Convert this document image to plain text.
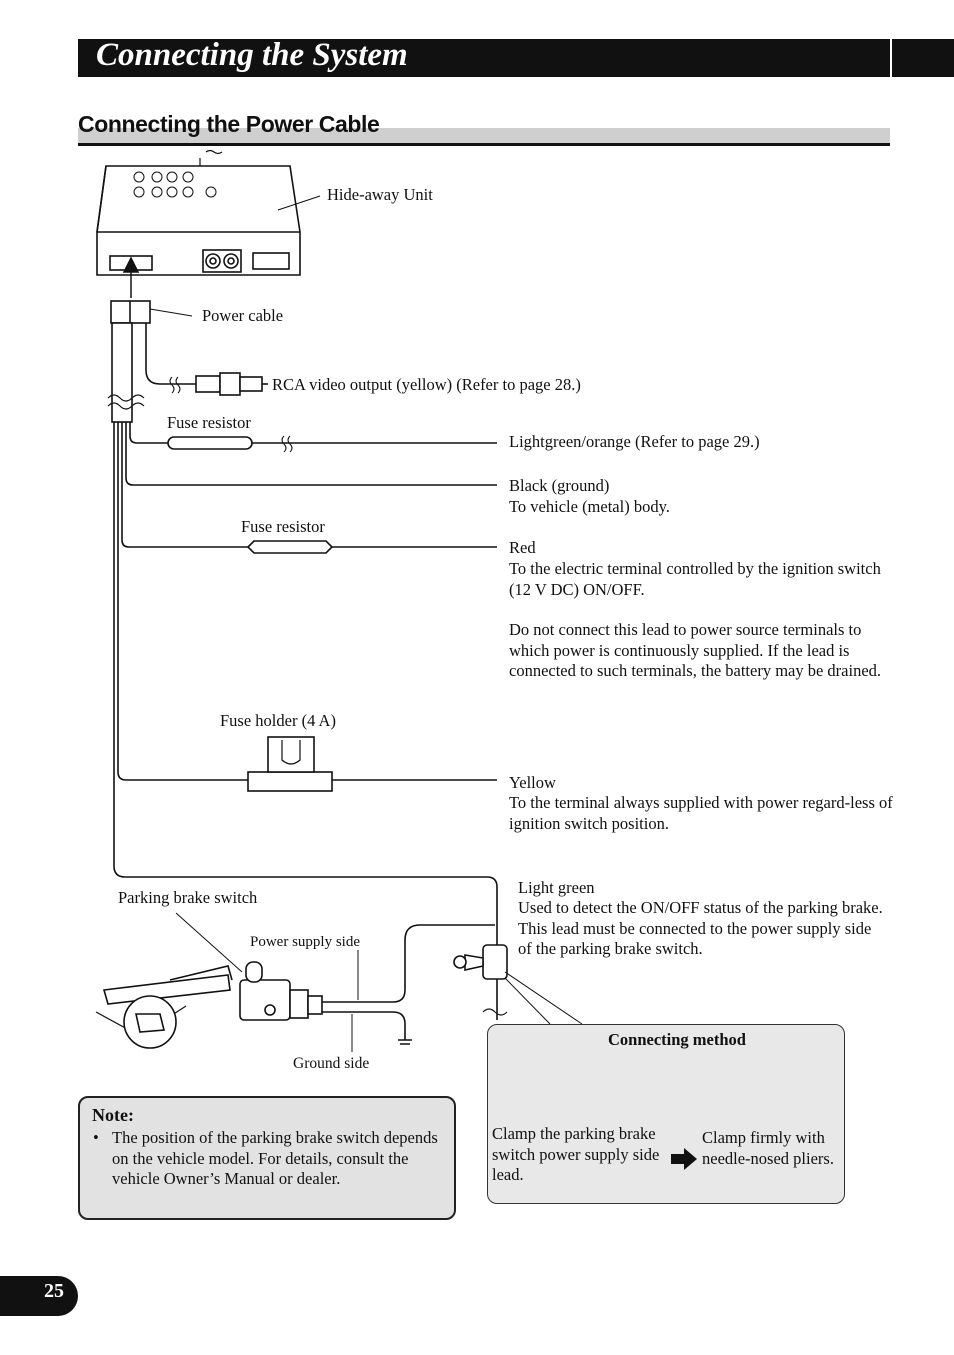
Connecting the System
Connecting the Power Cable
Hide-away Unit
Power cable
RCA video output (yellow) (Refer to page 28.)
Fuse resistor
Lightgreen/orange (Refer to page 29.)
Black (ground)
To vehicle (metal) body.
Fuse resistor
Red
To the electric terminal controlled by the ignition switch (12 V DC) ON/OFF.
Do not connect this lead to power source terminals to which power is continuously supplied. If the lead is connected to such terminals, the battery may be drained.
Fuse holder (4 A)
Yellow
To the terminal always supplied with power regard-less of ignition switch position.
Light green
Used to detect the ON/OFF status of the parking brake. This lead must be connected to the power supply side of the parking brake switch.
Parking brake switch
Power supply side
Ground side
Note:
• The position of the parking brake switch depends on the vehicle model. For details, consult the vehicle Owner’s Manual or dealer.
Connecting method
Clamp the parking brake switch power supply side lead.
Clamp firmly with needle-nosed pliers.
25
